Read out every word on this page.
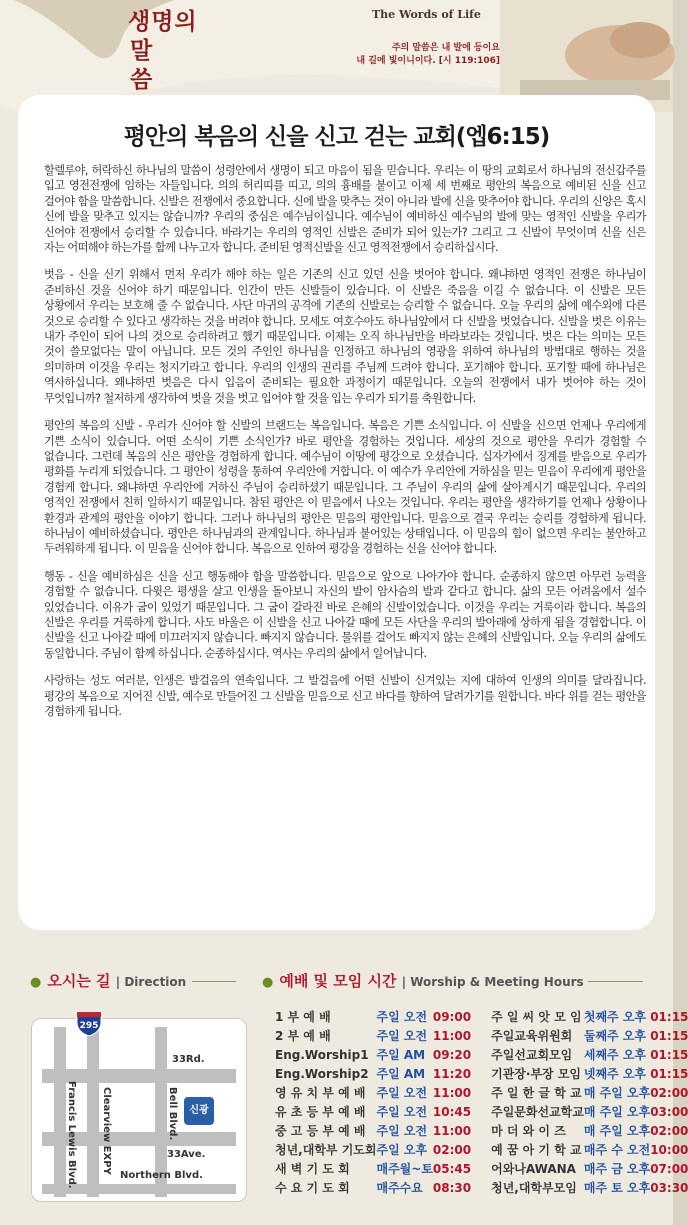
생명의
말 씀
The Words of Life
주의 말씀은 내 발에 등이요
내 길에 빛이니이다. [시 119:106]
평안의 복음의 신을 신고 걷는 교회(엡6:15)

할렐루야, 허락하신 하나님의 말씀이 성령안에서 생명이 되고 마음이 됨을 믿습니다. 우리는 이 땅의 교회로서 하나님의 전신갑주를 입고 영전전쟁에 임하는 자들입니다. 의의 허리띠를 띠고, 의의 흉배를 붙이고 이제 세 번째로 평안의 복음으로 예비된 신을 신고 걸어야 함을 말씀합니다. 신발은 전쟁에서 중요합니다. 신에 발을 맞추는 것이 아니라 발에 신을 맞추어야 합니다. 우리의 신앙은 혹시 신에 발을 맞추고 있지는 않습니까? 우리의 중심은 예수님이십니다. 예수님이 예비하신 예수님의 발에 맞는 영적인 신발을 우리가 신어야 전쟁에서 승리할 수 있습니다. 바라기는 우리의 영적인 신발은 준비가 되어 있는가? 그리고 그 신발이 무엇이며 신을 신은 자는 어떠해야 하는가를 함께 나누고자 합니다. 준비된 영적신발을 신고 영적전쟁에서 승리하십시다.

벗음 - 신을 신기 위해서 먼저 우리가 해야 하는 일은 기존의 신고 있던 신을 벗어야 합니다. 왜냐하면 영적인 전쟁은 하나님이 준비하신 것을 신어야 하기 때문입니다. 인간이 만든 신발들이 있습니다. 이 신발은 죽음을 이길 수 없습니다. 이 신발은 모든 상황에서 우리는 보호해 줄 수 없습니다. 사단 마귀의 공격에 기존의 신발로는 승리할 수 없습니다. 오늘 우리의 삶에 예수외에 다른 것으로 승리할 수 있다고 생각하는 것을 버려야 합니다. 모세도 여호수아도 하나님앞에서 다 신발을 벗었습니다. 신발을 벗은 이유는 내가 주인이 되어 나의 것으로 승리하려고 했기 때문입니다. 이제는 오직 하나님만을 바라보라는 것입니다. 벗은 다는 의미는 모든 것이 쓸모없다는 말이 아닙니다. 모든 것의 주인인 하나님을 인정하고 하나님의 영광을 위하여 하나님의 방법대로 행하는 것을 의미하며 이것을 우리는 청지기라고 합니다. 우리의 인생의 권리를 주님께 드려야 합니다. 포기해야 합니다. 포기할 때에 하나님은 역사하십니다. 왜냐하면 벗음은 다시 입음이 준비되는 필요한 과정이기 때문입니다. 오늘의 전쟁에서 내가 벗어야 하는 것이 무엇입니까? 철저하게 생각하여 벗을 것을 벗고 입어야 할 것을 입는 우리가 되기를 축원합니다.

평안의 복음의 신발 - 우리가 신어야 할 신발의 브랜드는 복음입니다. 복음은 기쁜 소식입니다. 이 신발을 신으면 언제나 우리에게 기쁜 소식이 있습니다. 어떤 소식이 기쁜 소식인가? 바로 평안을 경험하는 것입니다. 세상의 것으로 평안을 우리가 경험할 수 없습니다. 그런데 복음의 신은 평안을 경험하게 합니다. 예수님이 이땅에 평강으로 오셨습니다. 십자가에서 징계를 받음으로 우리가 평화를 누리게 되었습니다. 그 평안이 성령을 통하여 우리안에 거합니다. 이 예수가 우리안에 거하심을 믿는 믿음이 우리에게 평안을 경험케 합니다. 왜냐하면 우리안에 거하신 주님이 승리하셨기 때문입니다. 그 주님이 우리의 삶에 살아계시기 때문입니다. 우리의 영적인 전쟁에서 친히 일하시기 때문입니다. 참된 평안은 이 믿음에서 나오는 것입니다. 우리는 평안을 생각하기를 언제나 상황이나 환경과 관계의 평안을 이야기 합니다. 그러나 하나님의 평안은 믿음의 평안입니다. 믿음으로 결국 우리는 승리를 경험하게 됩니다. 하나님이 예비하셨습니다. 평안은 하나님과의 관계입니다. 하나님과 붙어있는 상태입니다. 이 믿음의 힘이 없으면 우리는 불안하고 두려워하게 됩니다. 이 믿음을 신어야 합니다. 복음으로 인하여 평강을 경험하는 신을 신어야 합니다.

행동 - 신을 예비하심은 신을 신고 행동해야 함을 말씀합니다. 믿음으로 앞으로 나아가야 합니다. 순종하지 않으면 아무런 능력을 경험할 수 없습니다. 다윗은 평생을 살고 인생을 돌아보니 자신의 발이 암사슴의 발과 같다고 합니다. 삶의 모든 어려움에서 설수 있었습니다. 이유가 굽이 있었기 때문입니다. 그 굽이 갈라진 바로 은혜의 신발이었습니다. 이것을 우리는 거룩이라 합니다. 복음의 신발은 우리를 거룩하게 합니다. 사도 바울은 이 신발을 신고 나아갈 때에 모든 사단을 우리의 발아래에 상하게 됨을 경험합니다. 이 신발을 신고 나아갈 때에 미끄러지지 않습니다. 빠지지 않습니다. 물위를 걸어도 빠지지 않는 은혜의 신발입니다. 오늘 우리의 삶에도 동일합니다. 주님이 함께 하십니다. 순종하십시다. 역사는 우리의 삶에서 일어납니다.

사랑하는 성도 여러분, 인생은 발걸음의 연속입니다. 그 발걸음에 어떤 신발이 신겨있는 지에 대하여 인생의 의미를 달라집니다. 평강의 복음으로 지어진 신발, 예수로 만들어진 그 신발을 믿음으로 신고 바다를 향하여 달려가기를 원합니다. 바다 위를 걷는 평안을 경험하게 됩니다.

● 오시는 길 | Direction
33Rd.
Bell Blvd.
Clearview EXPY
Francis Lewis Blvd.	33Ave.
Northern Blvd.
295
신광
● 예배 및 모임 시간 | Worship & Meeting Hours
1 부 예 배	주일 오전	09:00	주 일 씨 앗 모 임	첫째주 오후	01:15
2 부 예 배	주일 오전	11:00	주일교육위원회	둘째주 오후	01:15
Eng.Worship1	주일 AM	09:20	주일선교회모임	세째주 오후	01:15
Eng.Worship2	주일 AM	11:20	기관장·부장 모임	넷째주 오후	01:15
영 유 치 부 예 배	주일 오전	11:00	주 일 한 글 학 교	매 주일 오후	02:00
유 초 등 부 예 배	주일 오전	10:45	주일문화선교학교	매 주일 오후	03:00
중 고 등 부 예 배	주일 오전	11:00	마 더 와 이 즈	매 주일 오후	02:00
청년,대학부 기도회	주일 오후	02:00	예 꿈 아 기 학 교	매주 수 오전	10:00
새 벽 기 도 회	매주월~토	05:45	어와나AWANA	매주 금 오후	07:00
수 요 기 도 회	매주수요	08:30	청년,대학부모임	매주 토 오후	03:30
